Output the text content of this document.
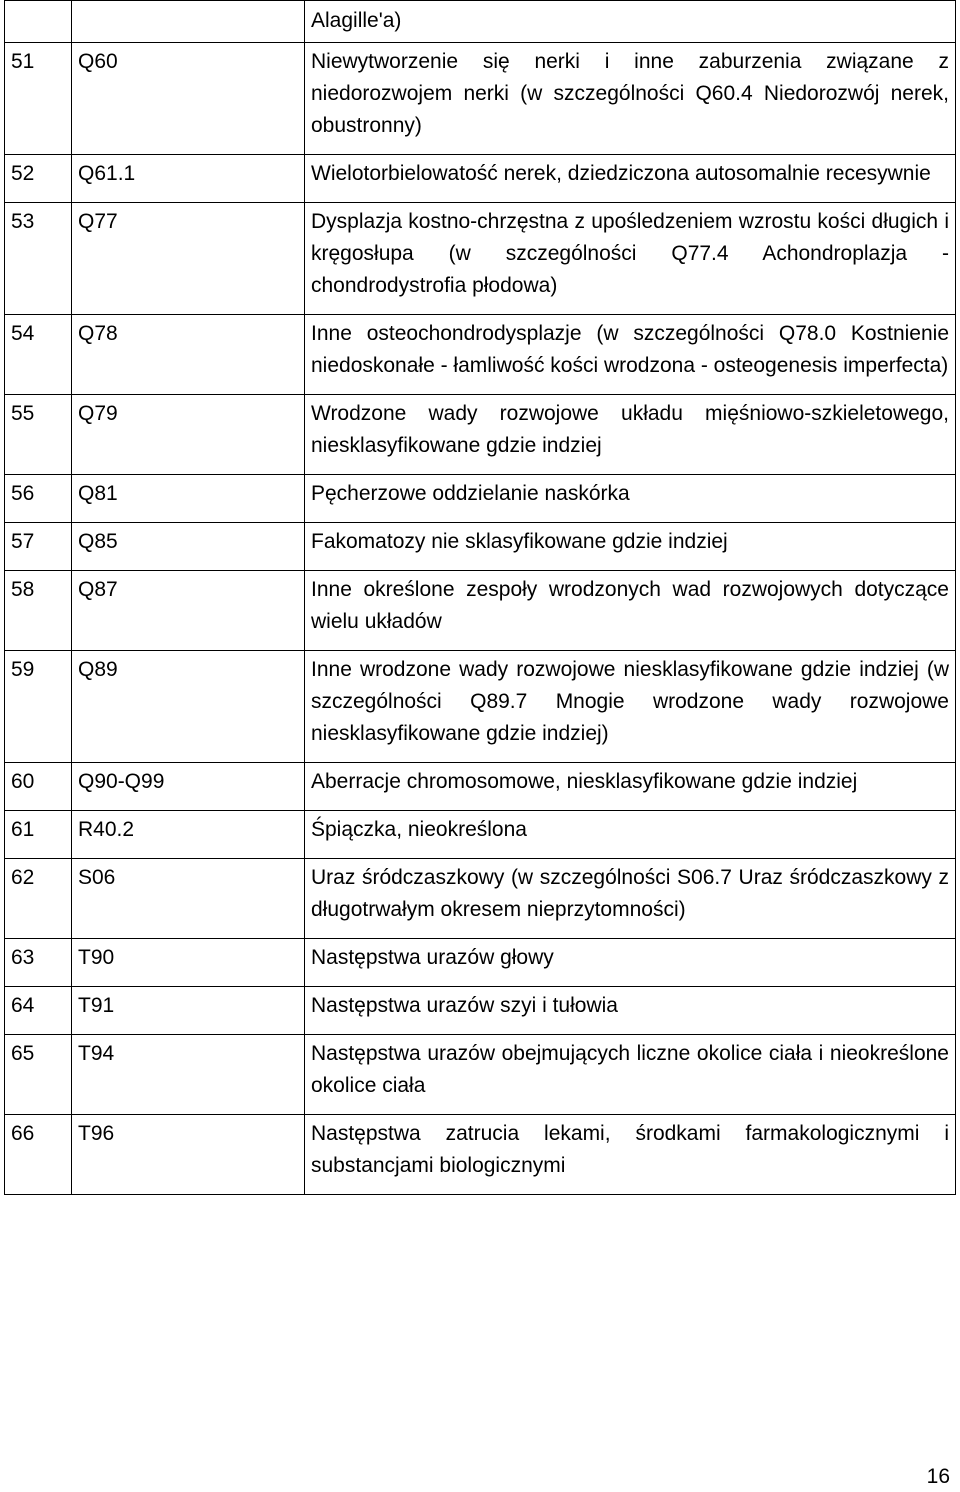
		Alagille'a)
51	Q60	Niewytworzenie się nerki i inne zaburzenia związane z niedorozwojem nerki (w szczególności Q60.4 Niedorozwój nerek, obustronny)
52	Q61.1	Wielotorbielowatość nerek, dziedziczona autosomalnie recesywnie
53	Q77	Dysplazja kostno-chrzęstna z upośledzeniem wzrostu kości długich i kręgosłupa (w szczególności Q77.4 Achondroplazja - chondrodystrofia płodowa)
54	Q78	Inne osteochondrodysplazje (w szczególności Q78.0 Kostnienie niedoskonałe - łamliwość kości wrodzona - osteogenesis imperfecta)
55	Q79	Wrodzone wady rozwojowe układu mięśniowo-szkieletowego, niesklasyfikowane gdzie indziej
56	Q81	Pęcherzowe oddzielanie naskórka
57	Q85	Fakomatozy nie sklasyfikowane gdzie indziej
58	Q87	Inne określone zespoły wrodzonych wad rozwojowych dotyczące wielu układów
59	Q89	Inne wrodzone wady rozwojowe niesklasyfikowane gdzie indziej (w szczególności Q89.7 Mnogie wrodzone wady rozwojowe niesklasyfikowane gdzie indziej)
60	Q90-Q99	Aberracje chromosomowe, niesklasyfikowane gdzie indziej
61	R40.2	Śpiączka, nieokreślona
62	S06	Uraz śródczaszkowy (w szczególności S06.7 Uraz śródczaszkowy z długotrwałym okresem nieprzytomności)
63	T90	Następstwa urazów głowy
64	T91	Następstwa urazów szyi i tułowia
65	T94	Następstwa urazów obejmujących liczne okolice ciała i nieokreślone okolice ciała
66	T96	Następstwa zatrucia lekami, środkami farmakologicznymi i substancjami biologicznymi
16
